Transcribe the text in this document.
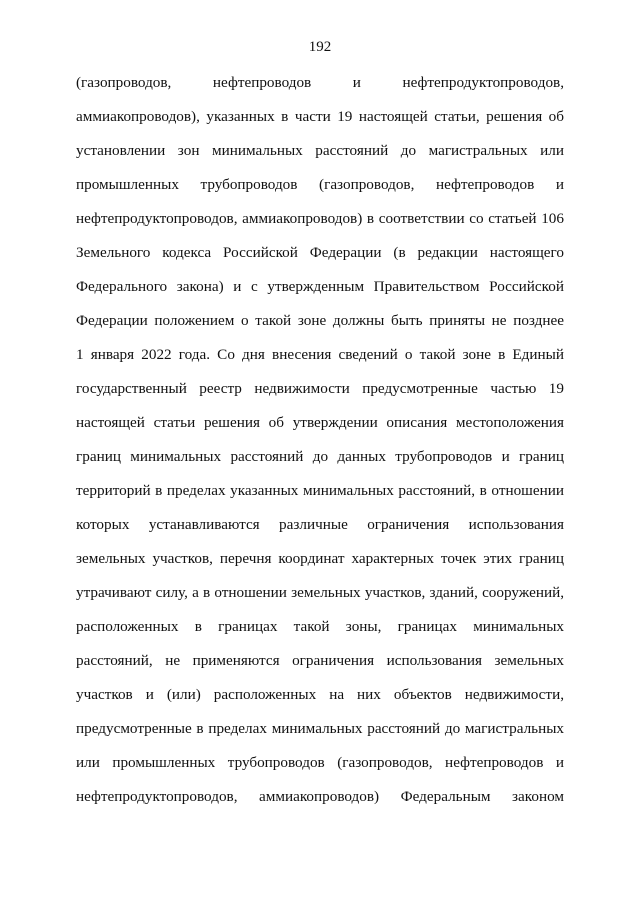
192
(газопроводов, нефтепроводов и нефтепродуктопроводов,
аммиакопроводов), указанных в части 19 настоящей статьи, решения об
установлении зон минимальных расстояний до магистральных или
промышленных трубопроводов (газопроводов, нефтепроводов и
нефтепродуктопроводов, аммиакопроводов) в соответствии со статьей 106
Земельного кодекса Российской Федерации (в редакции настоящего
Федерального закона) и с утвержденным Правительством Российской
Федерации положением о такой зоне должны быть приняты не позднее
1 января 2022 года. Со дня внесения сведений о такой зоне в Единый
государственный реестр недвижимости предусмотренные частью 19
настоящей статьи решения об утверждении описания местоположения
границ минимальных расстояний до данных трубопроводов и границ
территорий в пределах указанных минимальных расстояний, в отношении
которых устанавливаются различные ограничения использования
земельных участков, перечня координат характерных точек этих границ
утрачивают силу, а в отношении земельных участков, зданий, сооружений,
расположенных в границах такой зоны, границах минимальных
расстояний, не применяются ограничения использования земельных
участков и (или) расположенных на них объектов недвижимости,
предусмотренные в пределах минимальных расстояний до магистральных
или промышленных трубопроводов (газопроводов, нефтепроводов и
нефтепродуктопроводов, аммиакопроводов) Федеральным законом
